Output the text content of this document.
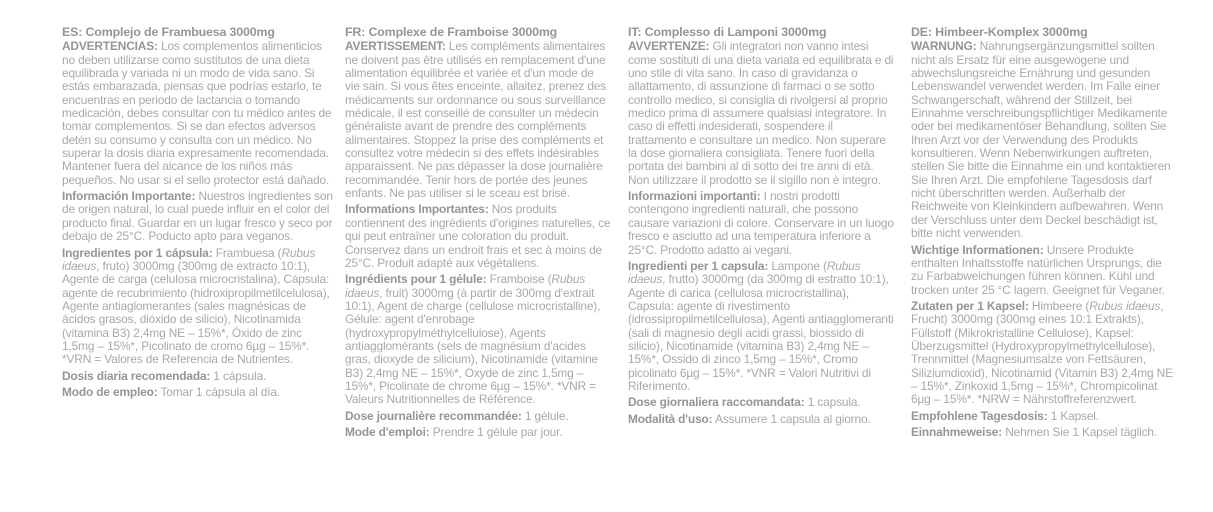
ES: Complejo de Frambuesa 3000mg

ADVERTENCIAS: Los complementos alimenticios no deben utilizarse como sustitutos de una dieta equilibrada y variada ni un modo de vida sano. Si estás embarazada, piensas que podrías estarlo, te encuentras en periodo de lactancia o tomando medicación, debes consultar con tu médico antes de tomar complementos. Si se dan efectos adversos detén su consumo y consulta con un médico. No superar la dosis diaria expresamente recomendada. Mantener fuera del alcance de los niños más pequeños. No usar si el sello protector está dañado.

Información Importante: Nuestros ingredientes son de origen natural, lo cual puede influir en el color del producto final. Guardar en un lugar fresco y seco por debajo de 25°C. Poducto apto para veganos.

Ingredientes por 1 cápsula: Frambuesa (Rubus idaeus, fruto) 3000mg (300mg de extracto 10:1), Agente de carga (celulosa microcristalina), Cápsula: agente de recubrimiento (hidroxipropilmetilcelulosa), Agente antiaglomerantes (sales magnésicas de ácidos grasos, dióxido de silicio), Nicotinamida (vitamina B3) 2,4mg NE – 15%*, Óxido de zinc 1,5mg – 15%*, Picolinato de cromo 6µg – 15%*. *VRN = Valores de Referencia de Nutrientes.

Dosis diaria recomendada: 1 cápsula.

Modo de empleo: Tomar 1 cápsula al día.

FR: Complexe de Framboise 3000mg

AVERTISSEMENT: Les compléments alimentaires ne doivent pas être utilisés en remplacement d'une alimentation équilibrée et variée et d'un mode de vie sain. Si vous êtes enceinte, allaitez, prenez des médicaments sur ordonnance ou sous surveillance médicale, il est conseillé de consulter un médecin généraliste avant de prendre des compléments alimentaires. Stoppez la prise des compléments et consultez votre médecin si des effets indésirables apparaissent. Ne pas dépasser la dose journalière recommandée. Tenir hors de portée des jeunes enfants. Ne pas utiliser si le sceau est brisé.

Informations Importantes: Nos produits contiennent des ingrédients d'origines naturelles, ce qui peut entraîner une coloration du produit. Conservez dans un endroit frais et sec à moins de 25°C. Produit adapté aux végétaliens.

Ingrédients pour 1 gélule: Framboise (Rubus idaeus, fruit) 3000mg (à partir de 300mg d'extrait 10:1), Agent de charge (cellulose microcristalline), Gélule: agent d'enrobage (hydroxypropylméthylcellulose), Agents antiagglomérants (sels de magnésium d'acides gras, dioxyde de silicium), Nicotinamide (vitamine B3) 2,4mg NE – 15%*, Oxyde de zinc 1,5mg – 15%*, Picolinate de chrome 6µg – 15%*. *VNR = Valeurs Nutritionnelles de Référence.

Dose journalière recommandée: 1 gélule.

Mode d'emploi: Prendre 1 gélule par jour.

IT: Complesso di Lamponi 3000mg

AVVERTENZE: Gli integratori non vanno intesi come sostituti di una dieta variata ed equilibrata e di uno stile di vita sano. In caso di gravidanza o allattamento, di assunzione di farmaci o se sotto controllo medico, si consiglia di rivolgersi al proprio medico prima di assumere qualsiasi integratore. In caso di effetti indesiderati, sospendere il trattamento e consultare un medico. Non superare la dose giornaliera consigliata. Tenere fuori della portata dei bambini al di sotto dei tre anni di età. Non utilizzare il prodotto se il sigillo non è integro.

Informazioni importanti: I nostri prodotti contengono ingredienti naturali, che possono causare variazioni di colore. Conservare in un luogo fresco e asciutto ad una temperatura inferiore a 25°C. Prodotto adatto ai vegani.

Ingredienti per 1 capsula: Lampone (Rubus idaeus, frutto) 3000mg (da 300mg di estratto 10:1), Agente di carica (cellulosa microcristallina), Capsula: agente di rivestimento (idrossipropilmetilcellulosa), Agenti antiagglomeranti (sali di magnesio degli acidi grassi, biossido di silicio), Nicotinamide (vitamina B3) 2,4mg NE – 15%*, Ossido di zinco 1,5mg – 15%*, Cromo picolinato 6µg – 15%*. *VNR = Valori Nutritivi di Riferimento.

Dose giornaliera raccomandata: 1 capsula.

Modalità d'uso: Assumere 1 capsula al giorno.

DE: Himbeer-Komplex 3000mg

WARNUNG: Nahrungsergänzungsmittel sollten nicht als Ersatz für eine ausgewogene und abwechslungsreiche Ernährung und gesunden Lebenswandel verwendet werden. Im Falle einer Schwangerschaft, während der Stillzeit, bei Einnahme verschreibungspflichtiger Medikamente oder bei medikamentöser Behandlung, sollten Sie Ihren Arzt vor der Verwendung des Produkts konsultieren. Wenn Nebenwirkungen auftreten, stellen Sie bitte die Einnahme ein und kontaktieren Sie Ihren Arzt. Die empfohlene Tagesdosis darf nicht überschritten werden. Außerhalb der Reichweite von Kleinkindern aufbewahren. Wenn der Verschluss unter dem Deckel beschädigt ist, bitte nicht verwenden.

Wichtige Informationen: Unsere Produkte enthalten Inhaltsstoffe natürlichen Ursprungs, die zu Farbabweichungen führen können. Kühl und trocken unter 25 °C lagern. Geeignet für Veganer.

Zutaten per 1 Kapsel: Himbeere (Rubus idaeus, Frucht) 3000mg (300mg eines 10:1 Extrakts), Füllstoff (Mikrokristalline Cellulose), Kapsel: Überzugsmittel (Hydroxypropylmethylcellulose), Trennmittel (Magnesiumsalze von Fettsäuren, Siliziumdioxid), Nicotinamid (Vitamin B3) 2,4mg NE – 15%*, Zinkoxid 1,5mg – 15%*, Chrompicolinat 6µg – 15%*. *NRW = Nährstoffreferenzwert.

Empfohlene Tagesdosis: 1 Kapsel.

Einnahmeweise: Nehmen Sie 1 Kapsel täglich.
